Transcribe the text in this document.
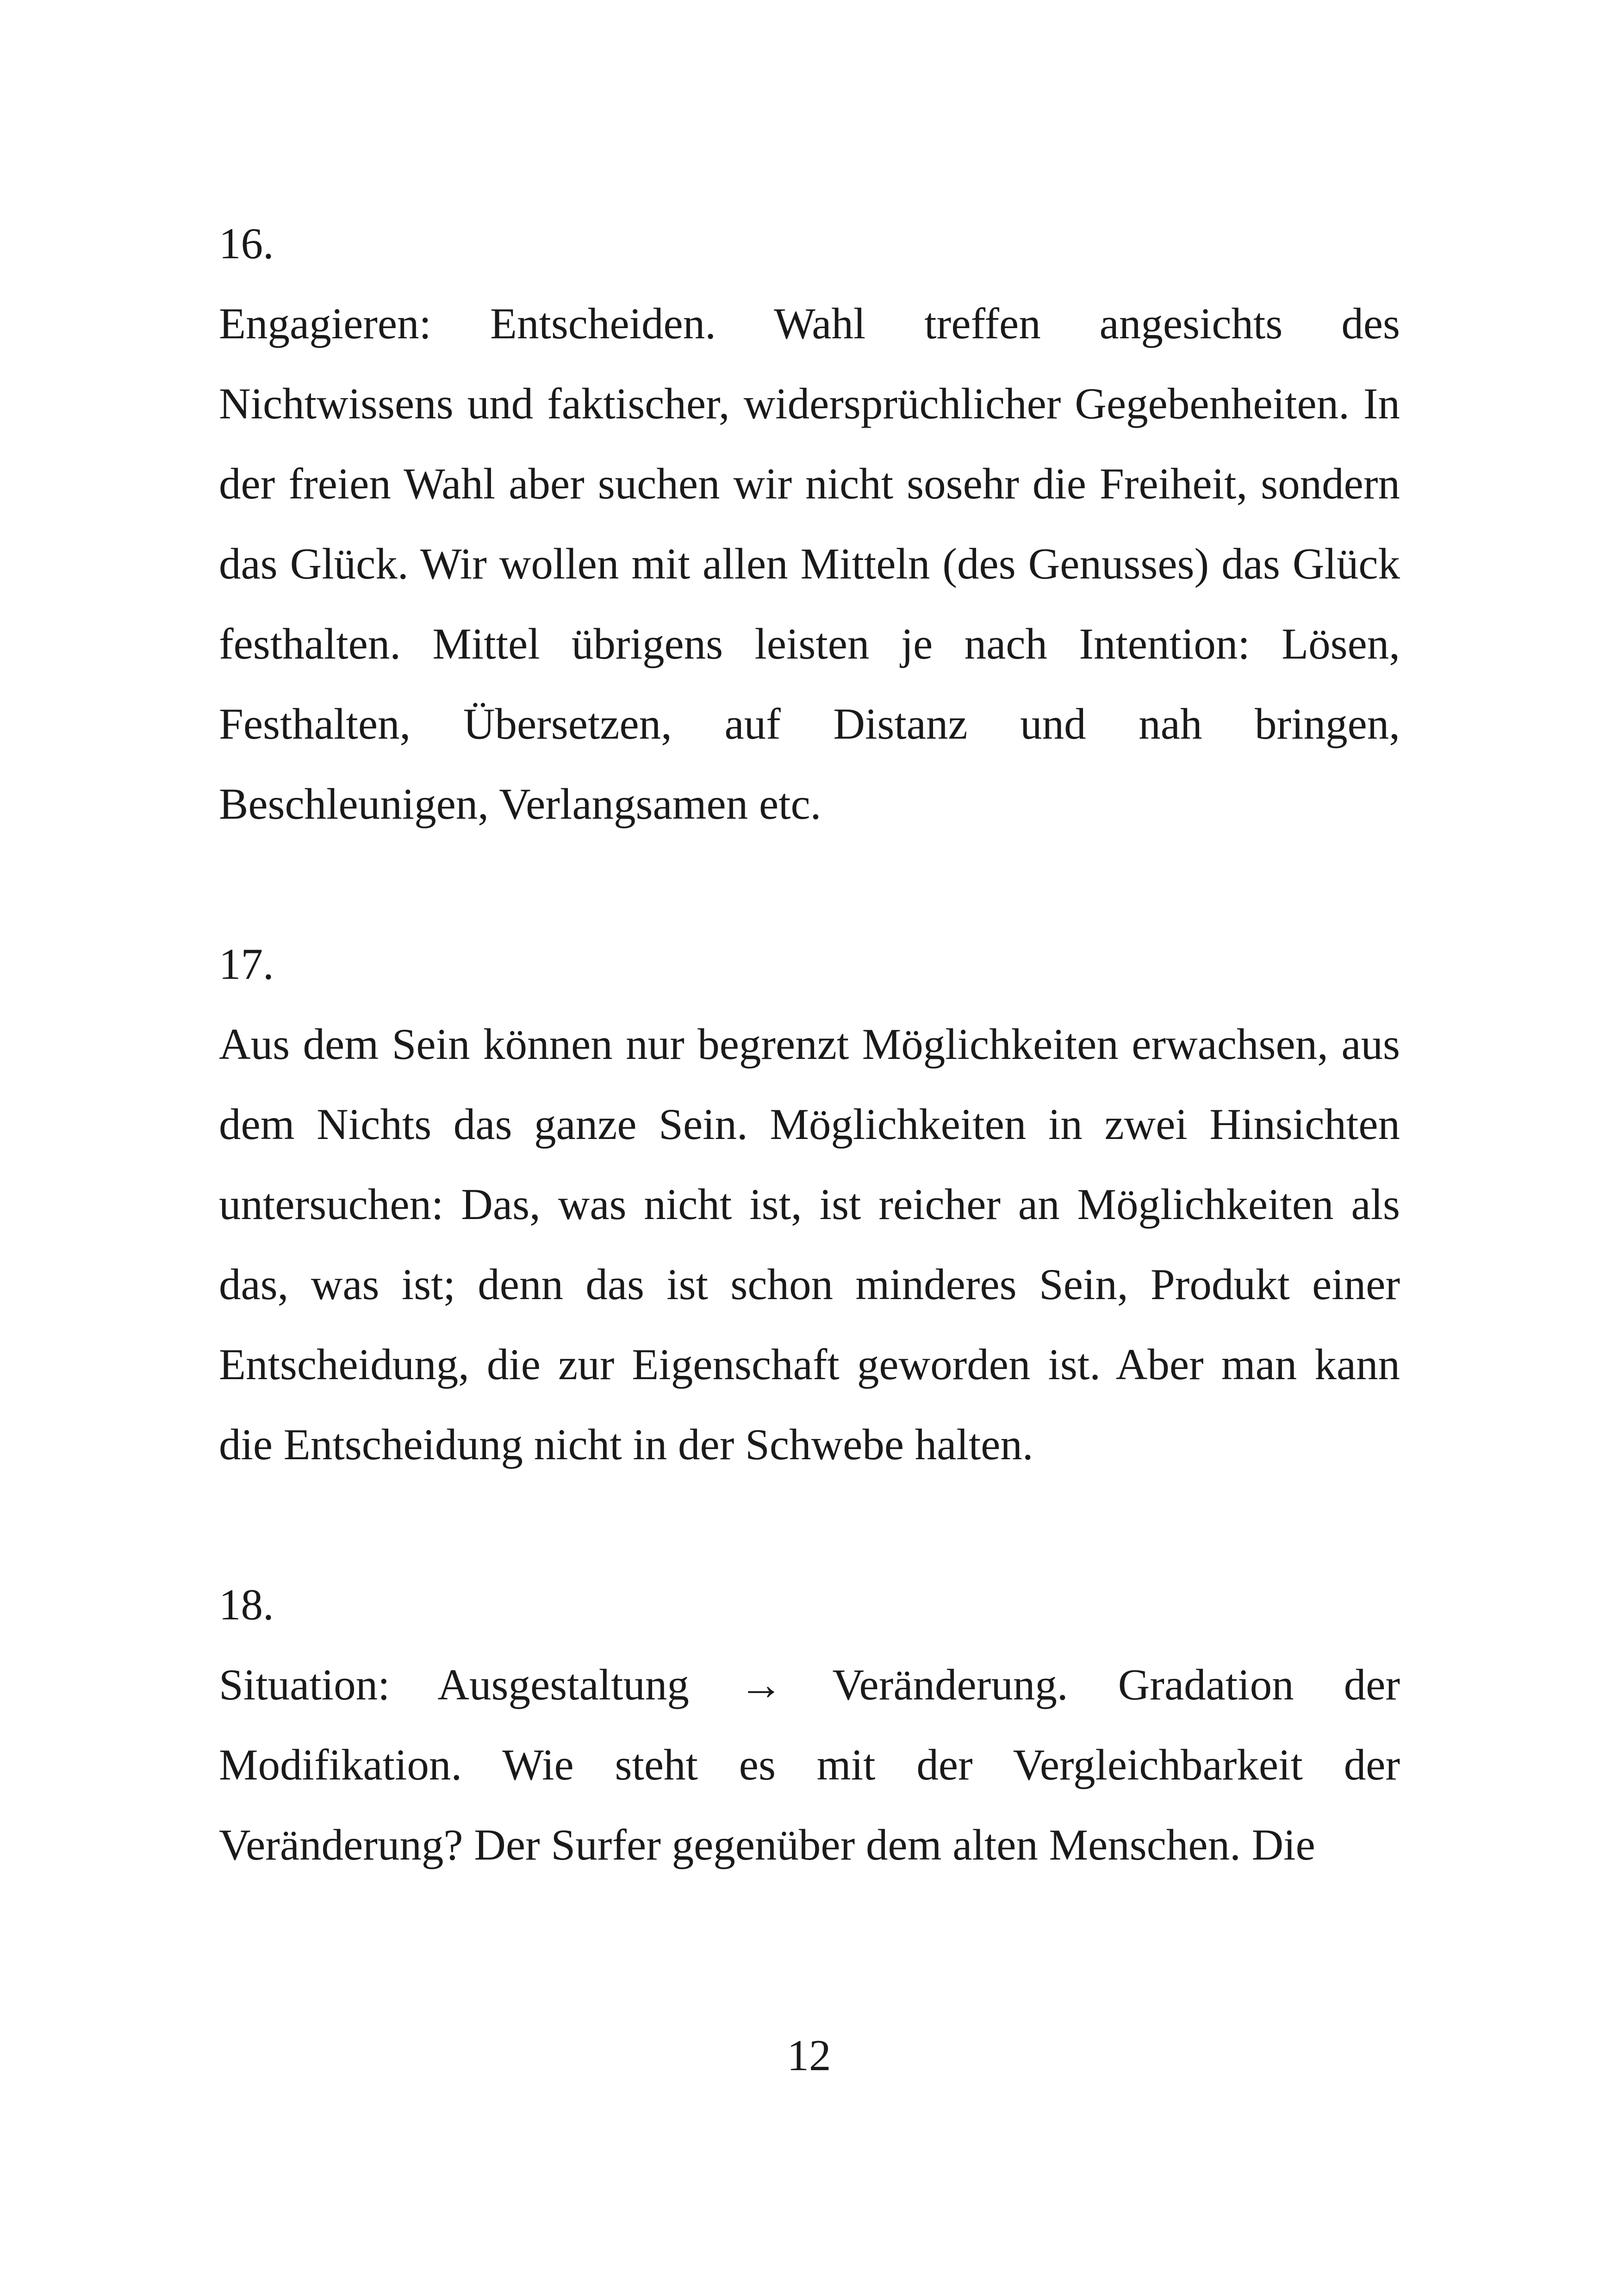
16.

Engagieren: Entscheiden. Wahl treffen angesichts des Nichtwissens und faktischer, widersprüchlicher Gegebenheiten. In der freien Wahl aber suchen wir nicht sosehr die Freiheit, sondern das Glück. Wir wollen mit allen Mitteln (des Genusses) das Glück festhalten. Mittel übrigens leisten je nach Intention: Lösen, Festhalten, Übersetzen, auf Distanz und nah bringen, Beschleunigen, Verlangsamen etc.

17.

Aus dem Sein können nur begrenzt Möglichkeiten erwachsen, aus dem Nichts das ganze Sein. Möglichkeiten in zwei Hinsichten untersuchen: Das, was nicht ist, ist reicher an Möglichkeiten als das, was ist; denn das ist schon minderes Sein, Produkt einer Entscheidung, die zur Eigenschaft geworden ist. Aber man kann die Entscheidung nicht in der Schwebe halten.

18.

Situation: Ausgestaltung → Veränderung. Gradation der Modifikation. Wie steht es mit der Vergleichbarkeit der Veränderung? Der Surfer gegenüber dem alten Menschen. Die

12
